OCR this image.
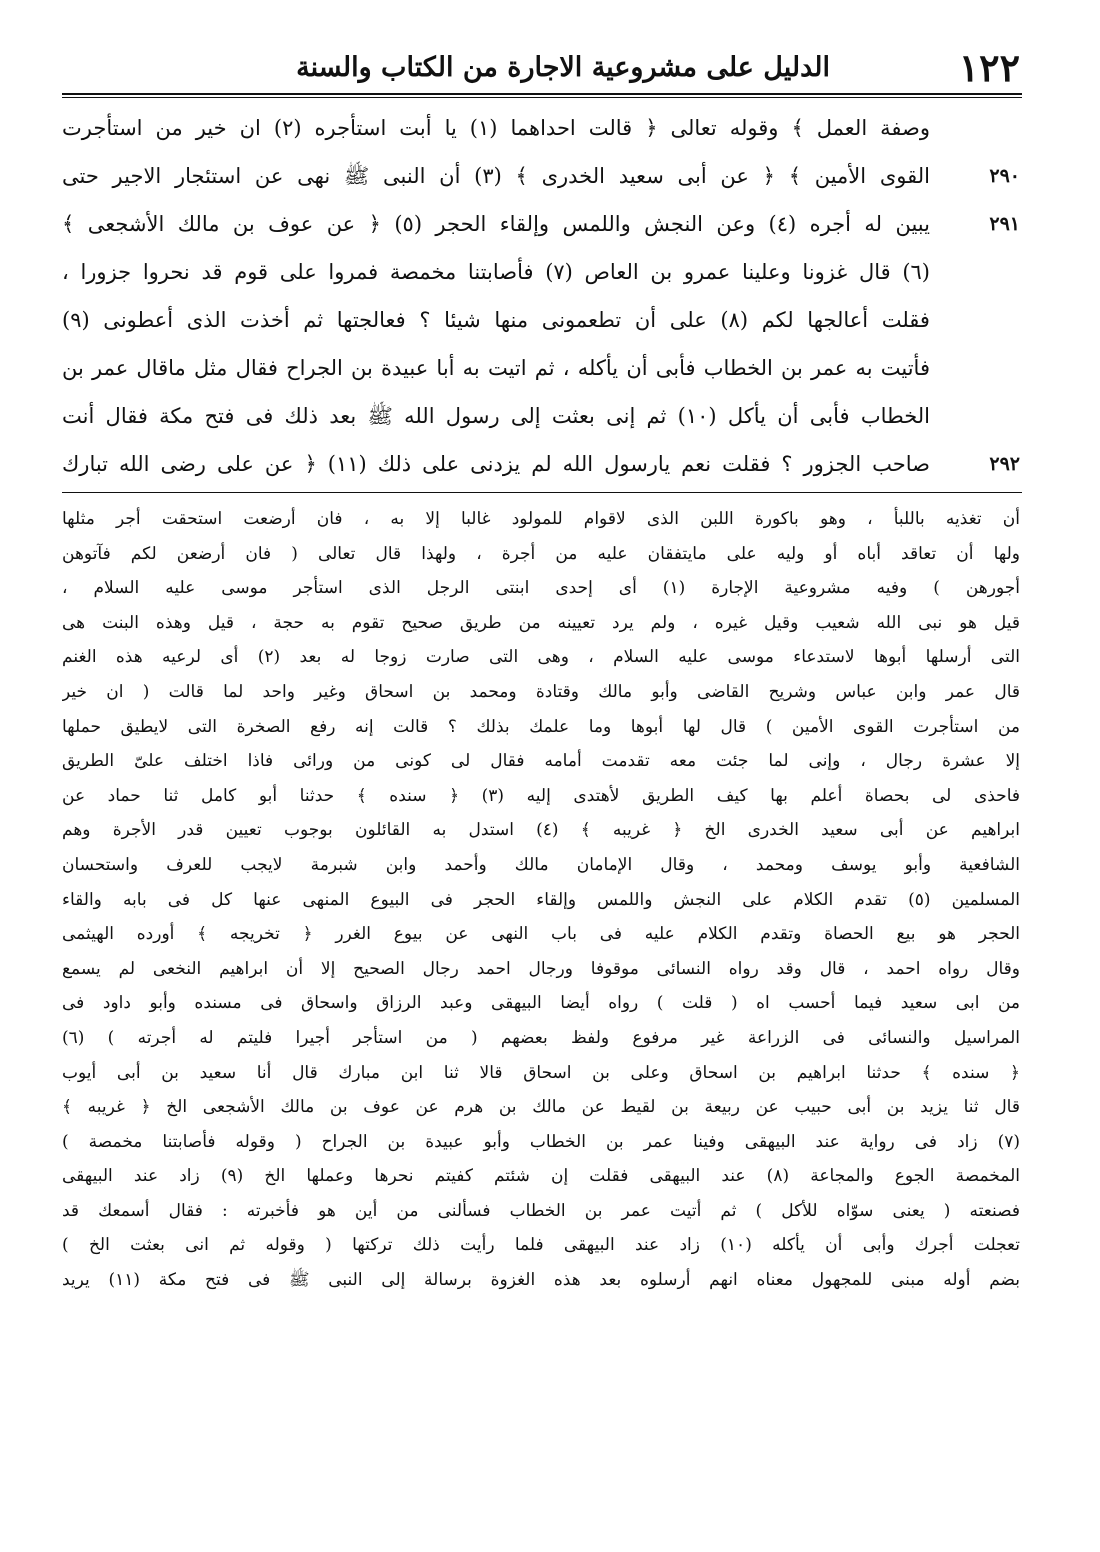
١٢٢
الدليل على مشروعية الاجارة من الكتاب والسنة
وصفة العمل ﴾ وقوله تعالى ﴿ قالت احداهما (١) يا أبت استأجره (٢) ان خير من استأجرت
٢٩٠
القوى الأمين ﴾ ﴿ عن أبى سعيد الخدرى ﴾ (٣) أن النبى ﷺ نهى عن استئجار الاجير حتى
٢٩١
يبين له أجره (٤) وعن النجش واللمس وإلقاء الحجر (٥) ﴿ عن عوف بن مالك الأشجعى ﴾
(٦) قال غزونا وعلينا عمرو بن العاص (٧) فأصابتنا مخمصة فمروا على قوم قد نحروا جزورا ،
فقلت أعالجها لكم (٨) على أن تطعمونى منها شيئا ؟ فعالجتها ثم أخذت الذى أعطونى (٩)
فأتيت به عمر بن الخطاب فأبى أن يأكله ، ثم اتيت به أبا عبيدة بن الجراح فقال مثل ماقال عمر بن
الخطاب فأبى أن يأكل (١٠) ثم إنى بعثت إلى رسول الله ﷺ بعد ذلك فى فتح مكة فقال أنت
٢٩٢
صاحب الجزور ؟ فقلت نعم يارسول الله لم يزدنى على ذلك (١١) ﴿ عن على رضى الله تبارك
أن تغذيه باللبأ ، وهو باكورة اللبن الذى لاقوام للمولود غالبا إلا به ، فان أرضعت استحقت أجر مثلها
ولها أن تعاقد أباه أو وليه على مايتفقان عليه من أجرة ، ولهذا قال تعالى ( فان أرضعن لكم فآتوهن
أجورهن ) وفيه مشروعية الإجارة (١) أى إحدى ابنتى الرجل الذى استأجر موسى عليه السلام ،
قيل هو نبى الله شعيب وقيل غيره ، ولم يرد تعيينه من طريق صحيح تقوم به حجة ، قيل وهذه البنت هى
التى أرسلها أبوها لاستدعاء موسى عليه السلام ، وهى التى صارت زوجا له بعد (٢) أى لرعيه هذه الغنم
قال عمر وابن عباس وشريح القاضى وأبو مالك وقتادة ومحمد بن اسحاق وغير واحد لما قالت ( ان خير
من استأجرت القوى الأمين ) قال لها أبوها وما علمك بذلك ؟ قالت إنه رفع الصخرة التى لايطيق حملها
إلا عشرة رجال ، وإنى لما جئت معه تقدمت أمامه فقال لى كونى من ورائى فاذا اختلف علىّ الطريق
فاحذى لى بحصاة أعلم بها كيف الطريق لأهتدى إليه (٣) ﴿ سنده ﴾ حدثنا أبو كامل ثنا حماد عن
ابراهيم عن أبى سعيد الخدرى الخ ﴿ غريبه ﴾ (٤) استدل به القائلون بوجوب تعيين قدر الأجرة وهم
الشافعية وأبو يوسف ومحمد ، وقال الإمامان مالك وأحمد وابن شبرمة لايجب للعرف واستحسان
المسلمين (٥) تقدم الكلام على النجش واللمس وإلقاء الحجر فى البيوع المنهى عنها كل فى بابه والقاء
الحجر هو بيع الحصاة وتقدم الكلام عليه فى باب النهى عن بيوع الغرر ﴿ تخريجه ﴾ أورده الهيثمى
وقال رواه احمد ، قال وقد رواه النسائى موقوفا ورجال احمد رجال الصحيح إلا أن ابراهيم النخعى لم يسمع
من ابى سعيد فيما أحسب اه ( قلت ) رواه أيضا البيهقى وعبد الرزاق واسحاق فى مسنده وأبو داود فى
المراسيل والنسائى فى الزراعة غير مرفوع ولفظ بعضهم ( من استأجر أجيرا فليتم له أجرته ) (٦)
﴿ سنده ﴾ حدثنا ابراهيم بن اسحاق وعلى بن اسحاق قالا ثنا ابن مبارك قال أنا سعيد بن أبى أيوب
قال ثنا يزيد بن أبى حبيب عن ربيعة بن لقيط عن مالك بن هرم عن عوف بن مالك الأشجعى الخ ﴿ غريبه ﴾
(٧) زاد فى رواية عند البيهقى وفينا عمر بن الخطاب وأبو عبيدة بن الجراح ( وقوله فأصابتنا مخمصة )
المخمصة الجوع والمجاعة (٨) عند البيهقى فقلت إن شئتم كفيتم نحرها وعملها الخ (٩) زاد عند البيهقى
فصنعته ( يعنى سوّاه للأكل ) ثم أتيت عمر بن الخطاب فسألنى من أين هو فأخبرته : فقال أسمعك قد
تعجلت أجرك وأبى أن يأكله (١٠) زاد عند البيهقى فلما رأيت ذلك تركتها ( وقوله ثم انى بعثت الخ )
بضم أوله مبنى للمجهول معناه انهم أرسلوه بعد هذه الغزوة برسالة إلى النبى ﷺ فى فتح مكة (١١) يريد
